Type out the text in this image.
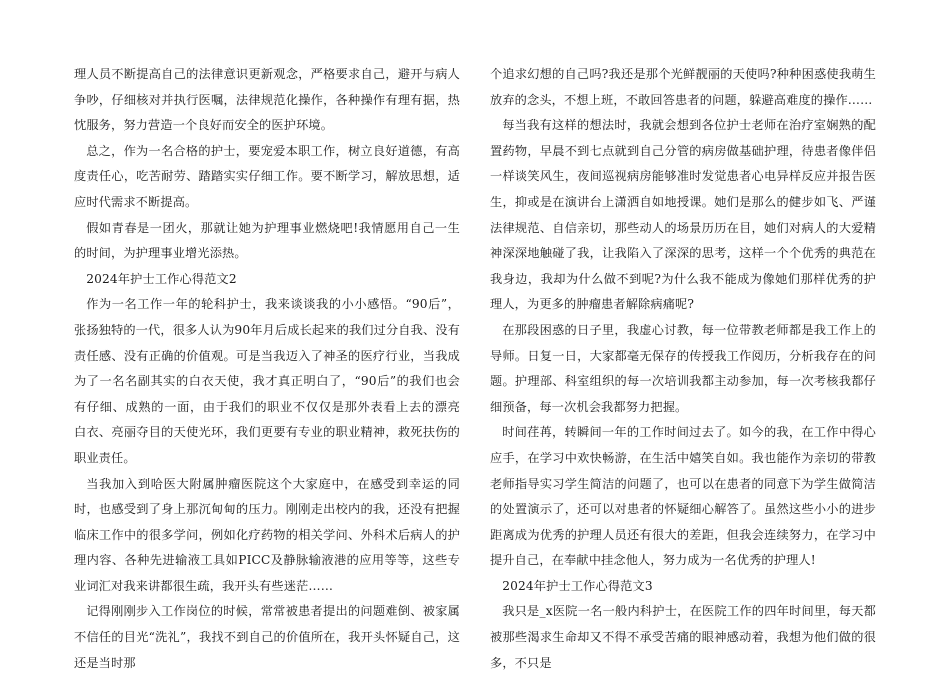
理人员不断提高自己的法律意识更新观念，严格要求自己，避开与病人争吵，仔细核对并执行医嘱，法律规范化操作，各种操作有理有据，热忱服务，努力营造一个良好而安全的医护环境。

总之，作为一名合格的护士，要宠爱本职工作，树立良好道德，有高度责任心，吃苦耐劳、踏踏实实仔细工作。要不断学习，解放思想，适应时代需求不断提高。

假如青春是一团火，那就让她为护理事业燃烧吧!我情愿用自己一生的时间，为护理事业增光添热。

2024年护士工作心得范文2

作为一名工作一年的轮科护士，我来谈谈我的小小感悟。“90后”，张扬独特的一代，很多人认为90年月后成长起来的我们过分自我、没有责任感、没有正确的价值观。可是当我迈入了神圣的医疗行业，当我成为了一名名副其实的白衣天使，我才真正明白了，“90后”的我们也会有仔细、成熟的一面，由于我们的职业不仅仅是那外表看上去的漂亮 白衣、亮丽夺目的天使光环，我们更要有专业的职业精神，救死扶伤的职业责任。

当我加入到哈医大附属肿瘤医院这个大家庭中，在感受到幸运的同时，也感受到了身上那沉甸甸的压力。刚刚走出校内的我，还没有把握临床工作中的很多学问，例如化疗药物的相关学问、外科术后病人的护理内容、各种先进输液工具如PICC及静脉输液港的应用等等，这些专业词汇对我来讲都很生疏，我开头有些迷茫……

记得刚刚步入工作岗位的时候，常常被患者提出的问题难倒、被家属不信任的目光“洗礼”，我找不到自己的价值所在，我开头怀疑自己，这还是当时那

个追求幻想的自己吗?我还是那个光鲜靓丽的天使吗?种种困惑使我萌生放弃的念头，不想上班，不敢回答患者的问题，躲避高难度的操作……

每当我有这样的想法时，我就会想到各位护士老师在治疗室娴熟的配置药物，早晨不到七点就到自己分管的病房做基础护理，待患者像伴侣一样谈笑风生，夜间巡视病房能够准时发觉患者心电异样反应并报告医生，抑或是在演讲台上潇洒自如地授课。她们是那么的健步如飞、严谨法律规范、自信亲切，那些动人的场景历历在目，她们对病人的大爱精神深深地触碰了我，让我陷入了深深的思考，这样一个个优秀的典范在我身边，我却为什么做不到呢?为什么我不能成为像她们那样优秀的护理人，为更多的肿瘤患者解除病痛呢?

在那段困惑的日子里，我虚心讨教，每一位带教老师都是我工作上的导师。日复一日，大家都毫无保存的传授我工作阅历，分析我存在的问题。护理部、科室组织的每一次培训我都主动参加，每一次考核我都仔细预备，每一次机会我都努力把握。

时间荏苒，转瞬间一年的工作时间过去了。如今的我，在工作中得心应手，在学习中欢快畅游，在生活中嬉笑自如。我也能作为亲切的带教老师指导实习学生简洁的问题了，也可以在患者的同意下为学生做简洁的处置演示了，还可以对患者的怀疑细心解答了。虽然这些小小的进步距离成为优秀的护理人员还有很大的差距，但我会连续努力，在学习中提升自己，在奉献中挂念他人，努力成为一名优秀的护理人!

2024年护士工作心得范文3

我只是_x医院一名一般内科护士，在医院工作的四年时间里，每天都被那些渴求生命却又不得不承受苦痛的眼神感动着，我想为他们做的很多，不只是
